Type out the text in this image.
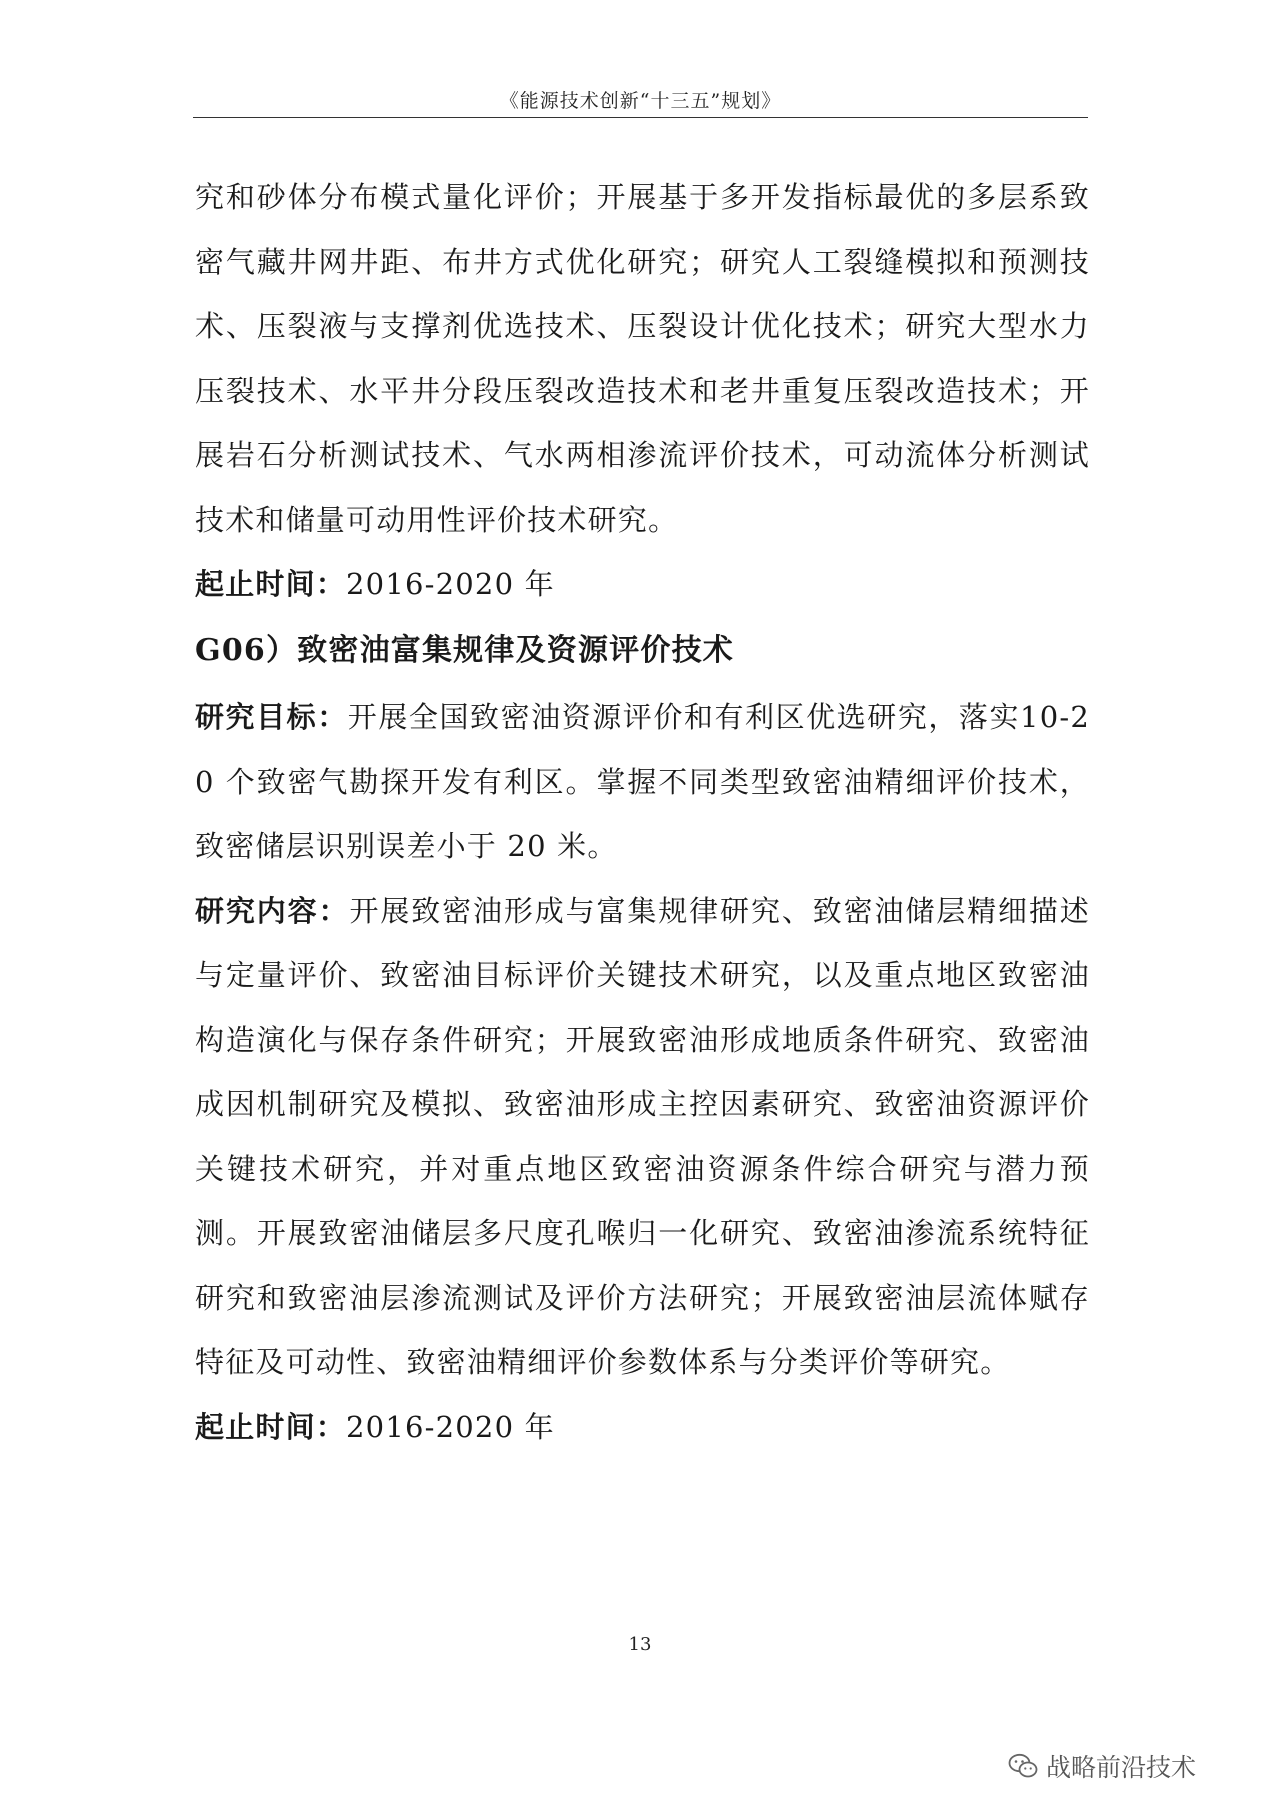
《能源技术创新“十三五”规划》

究和砂体分布模式量化评价；开展基于多开发指标最优的多层系致密气藏井网井距、布井方式优化研究；研究人工裂缝模拟和预测技术、压裂液与支撑剂优选技术、压裂设计优化技术；研究大型水力压裂技术、水平井分段压裂改造技术和老井重复压裂改造技术；开展岩石分析测试技术、气水两相渗流评价技术，可动流体分析测试技术和储量可动用性评价技术研究。

起止时间：2016-2020 年

G06）致密油富集规律及资源评价技术

研究目标：开展全国致密油资源评价和有利区优选研究，落实10-20 个致密气勘探开发有利区。掌握不同类型致密油精细评价技术，致密储层识别误差小于 20 米。

研究内容：开展致密油形成与富集规律研究、致密油储层精细描述与定量评价、致密油目标评价关键技术研究，以及重点地区致密油构造演化与保存条件研究；开展致密油形成地质条件研究、致密油成因机制研究及模拟、致密油形成主控因素研究、致密油资源评价关键技术研究，并对重点地区致密油资源条件综合研究与潜力预测。开展致密油储层多尺度孔喉归一化研究、致密油渗流系统特征研究和致密油层渗流测试及评价方法研究；开展致密油层流体赋存特征及可动性、致密油精细评价参数体系与分类评价等研究。

起止时间：2016-2020 年

13
战略前沿技术
